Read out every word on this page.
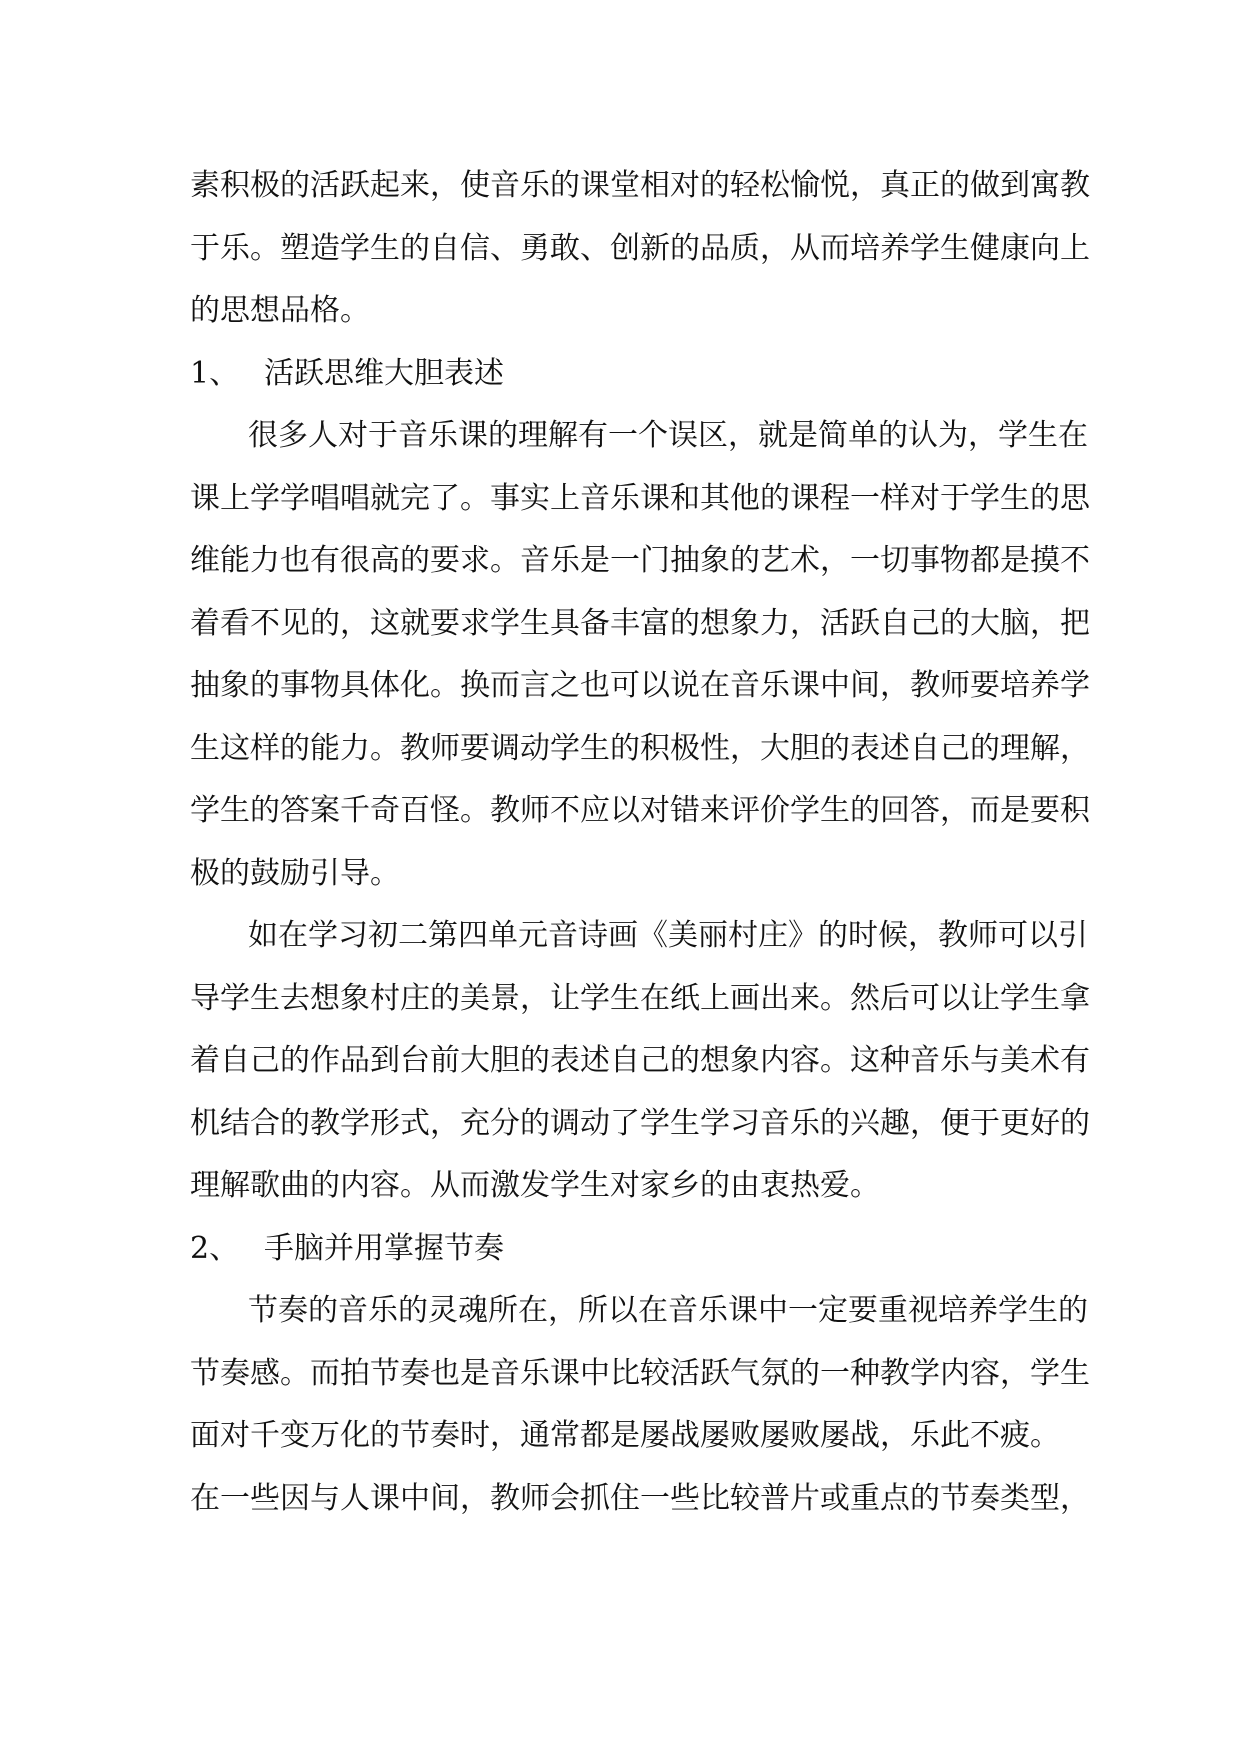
素积极的活跃起来，使音乐的课堂相对的轻松愉悦，真正的做到寓教
于乐。塑造学生的自信、勇敢、创新的品质，从而培养学生健康向上
的思想品格。
1、 活跃思维大胆表述
很多人对于音乐课的理解有一个误区，就是简单的认为，学生在
课上学学唱唱就完了。事实上音乐课和其他的课程一样对于学生的思
维能力也有很高的要求。音乐是一门抽象的艺术，一切事物都是摸不
着看不见的，这就要求学生具备丰富的想象力，活跃自己的大脑，把
抽象的事物具体化。换而言之也可以说在音乐课中间，教师要培养学
生这样的能力。教师要调动学生的积极性，大胆的表述自己的理解，
学生的答案千奇百怪。教师不应以对错来评价学生的回答，而是要积
极的鼓励引导。
如在学习初二第四单元音诗画《美丽村庄》的时候，教师可以引
导学生去想象村庄的美景，让学生在纸上画出来。然后可以让学生拿
着自己的作品到台前大胆的表述自己的想象内容。这种音乐与美术有
机结合的教学形式，充分的调动了学生学习音乐的兴趣，便于更好的
理解歌曲的内容。从而激发学生对家乡的由衷热爱。
2、 手脑并用掌握节奏
节奏的音乐的灵魂所在，所以在音乐课中一定要重视培养学生的
节奏感。而拍节奏也是音乐课中比较活跃气氛的一种教学内容，学生
面对千变万化的节奏时，通常都是屡战屡败屡败屡战，乐此不疲。
在一些因与人课中间，教师会抓住一些比较普片或重点的节奏类型，
